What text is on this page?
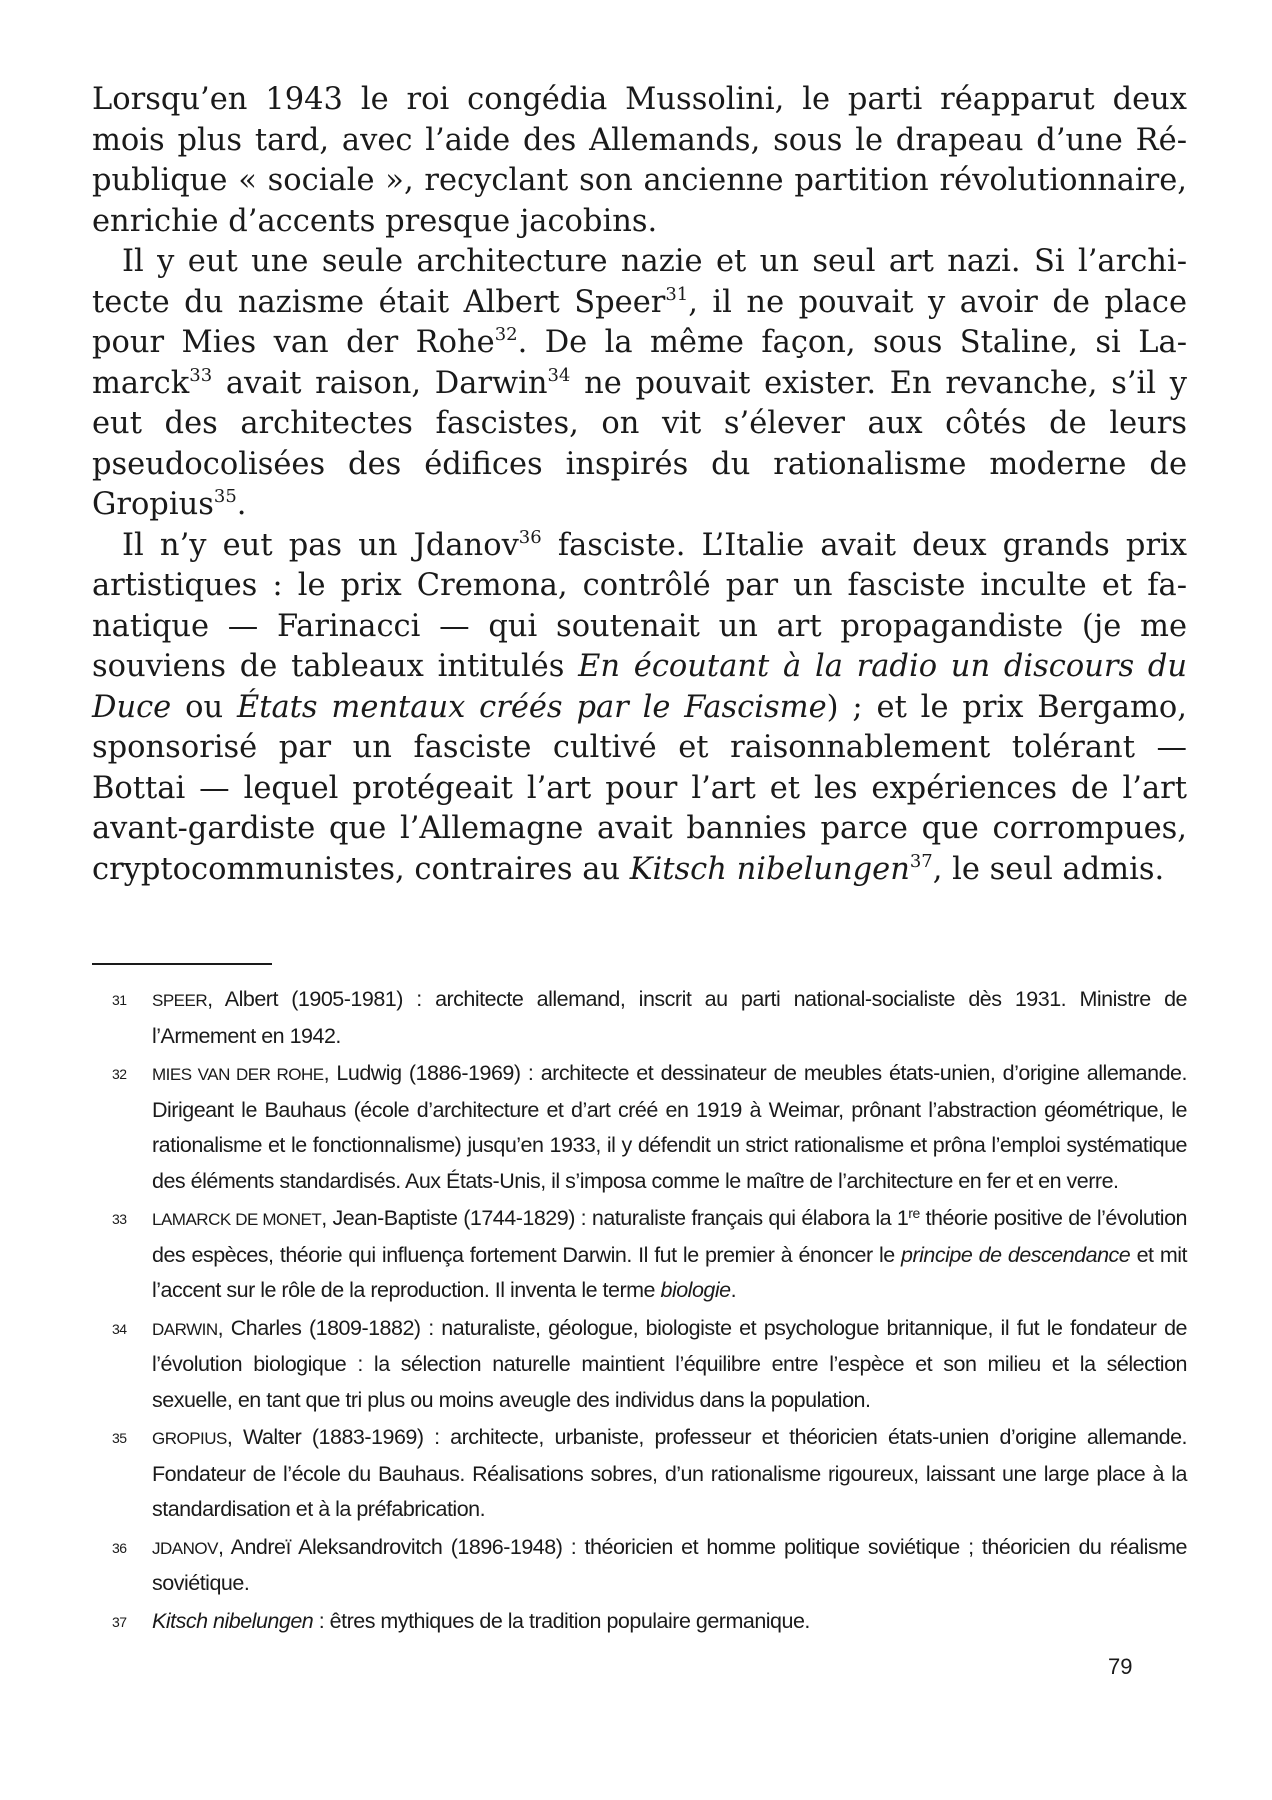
Lorsqu’en 1943 le roi congédia Mussolini, le parti réapparut deux mois plus tard, avec l’aide des Allemands, sous le drapeau d’une République « sociale », recyclant son ancienne partition révolutionnaire, enrichie d’accents presque jacobins.

Il y eut une seule architecture nazie et un seul art nazi. Si l’architecte du nazisme était Albert Speer$^{31}$, il ne pouvait y avoir de place pour Mies van der Rohe$^{32}$. De la même façon, sous Staline, si Lamarck$^{33}$ avait raison, Darwin$^{34}$ ne pouvait exister. En revanche, s’il y eut des architectes fascistes, on vit s’élever aux côtés de leurs pseudocolisées des édifices inspirés du rationalisme moderne de Gropius$^{35}$.

Il n’y eut pas un Jdanov$^{36}$ fasciste. L’Italie avait deux grands prix artistiques : le prix Cremona, contrôlé par un fasciste inculte et fanatique — Farinacci — qui soutenait un art propagandiste (je me souviens de tableaux intitulés En écoutant à la radio un discours du Duce ou États mentaux créés par le Fascisme) ; et le prix Bergamo, sponsorisé par un fasciste cultivé et raisonnablement tolérant — Bottai — lequel protégeait l’art pour l’art et les expériences de l’art avant-gardiste que l’Allemagne avait bannies parce que corrompues, cryptocommunistes, contraires au Kitsch nibelungen$^{37}$, le seul admis.

31 SPEER, Albert (1905-1981) : architecte allemand, inscrit au parti national-socialiste dès 1931. Ministre de l’Armement en 1942.
32 MIES VAN DER ROHE, Ludwig (1886-1969) : architecte et dessinateur de meubles états-unien, d’origine allemande. Dirigeant le Bauhaus (école d’architecture et d’art créé en 1919 à Weimar, prônant l’abstraction géométrique, le rationalisme et le fonctionnalisme) jusqu’en 1933, il y défendit un strict rationalisme et prôna l’emploi systématique des éléments standardisés. Aux États-Unis, il s’imposa comme le maître de l’architecture en fer et en verre.
33 LAMARCK DE MONET, Jean-Baptiste (1744-1829) : naturaliste français qui élabora la 1re théorie positive de l’évolution des espèces, théorie qui influença fortement Darwin. Il fut le premier à énoncer le principe de descendance et mit l’accent sur le rôle de la reproduction. Il inventa le terme biologie.
34 DARWIN, Charles (1809-1882) : naturaliste, géologue, biologiste et psychologue britannique, il fut le fondateur de l’évolution biologique : la sélection naturelle maintient l’équilibre entre l’espèce et son milieu et la sélection sexuelle, en tant que tri plus ou moins aveugle des individus dans la population.
35 GROPIUS, Walter (1883-1969) : architecte, urbaniste, professeur et théoricien états-unien d’origine allemande. Fondateur de l’école du Bauhaus. Réalisations sobres, d’un rationalisme rigoureux, laissant une large place à la standardisation et à la préfabrication.
36 JDANOV, Andreï Aleksandrovitch (1896-1948) : théoricien et homme politique soviétique ; théoricien du réalisme soviétique.
37 Kitsch nibelungen : êtres mythiques de la tradition populaire germanique.
79
